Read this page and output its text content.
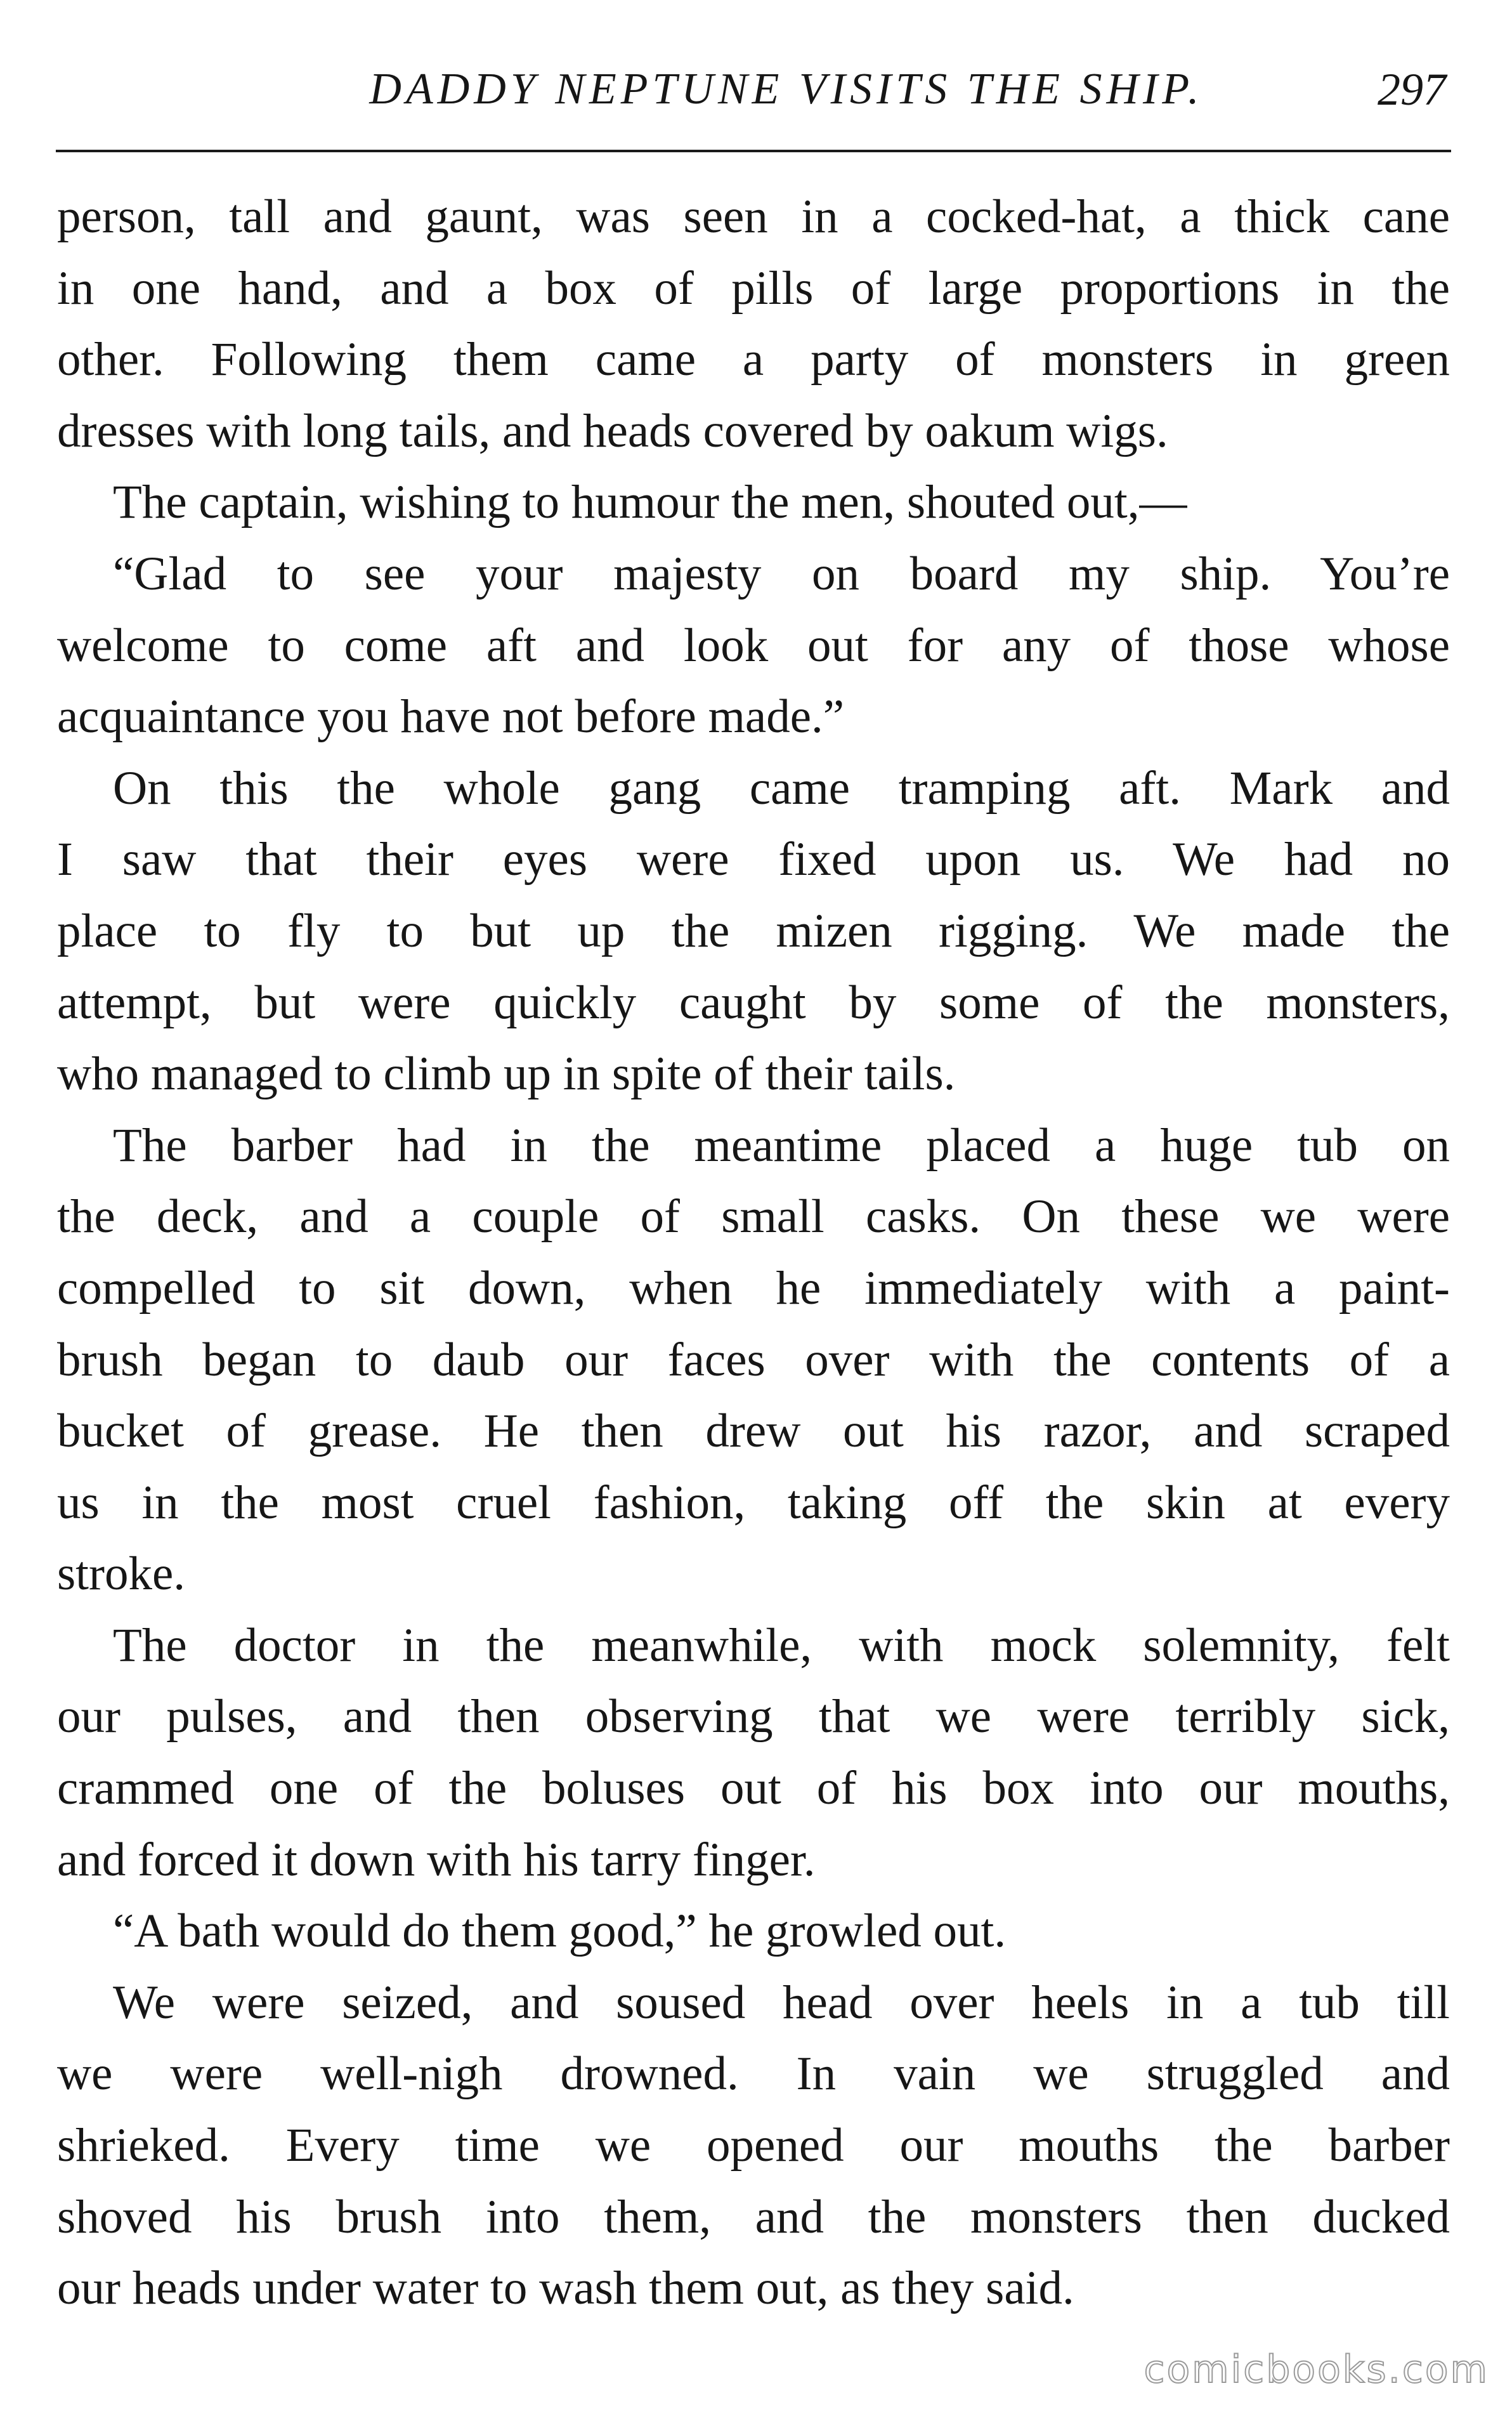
DADDY NEPTUNE VISITS THE SHIP.	297
person, tall and gaunt, was seen in a cocked-hat, a thick cane
in one hand, and a box of pills of large proportions in the
other. Following them came a party of monsters in green
dresses with long tails, and heads covered by oakum wigs.
The captain, wishing to humour the men, shouted out,—
“Glad to see your majesty on board my ship. You’re
welcome to come aft and look out for any of those whose
acquaintance you have not before made.”
On this the whole gang came tramping aft. Mark and
I saw that their eyes were fixed upon us. We had no
place to fly to but up the mizen rigging. We made the
attempt, but were quickly caught by some of the monsters,
who managed to climb up in spite of their tails.
The barber had in the meantime placed a huge tub on
the deck, and a couple of small casks. On these we were
compelled to sit down, when he immediately with a paint-
brush began to daub our faces over with the contents of a
bucket of grease. He then drew out his razor, and scraped
us in the most cruel fashion, taking off the skin at every
stroke.
The doctor in the meanwhile, with mock solemnity, felt
our pulses, and then observing that we were terribly sick,
crammed one of the boluses out of his box into our mouths,
and forced it down with his tarry finger.
“A bath would do them good,” he growled out.
We were seized, and soused head over heels in a tub till
we were well-nigh drowned. In vain we struggled and
shrieked. Every time we opened our mouths the barber
shoved his brush into them, and the monsters then ducked
our heads under water to wash them out, as they said.
comicbooks.com
